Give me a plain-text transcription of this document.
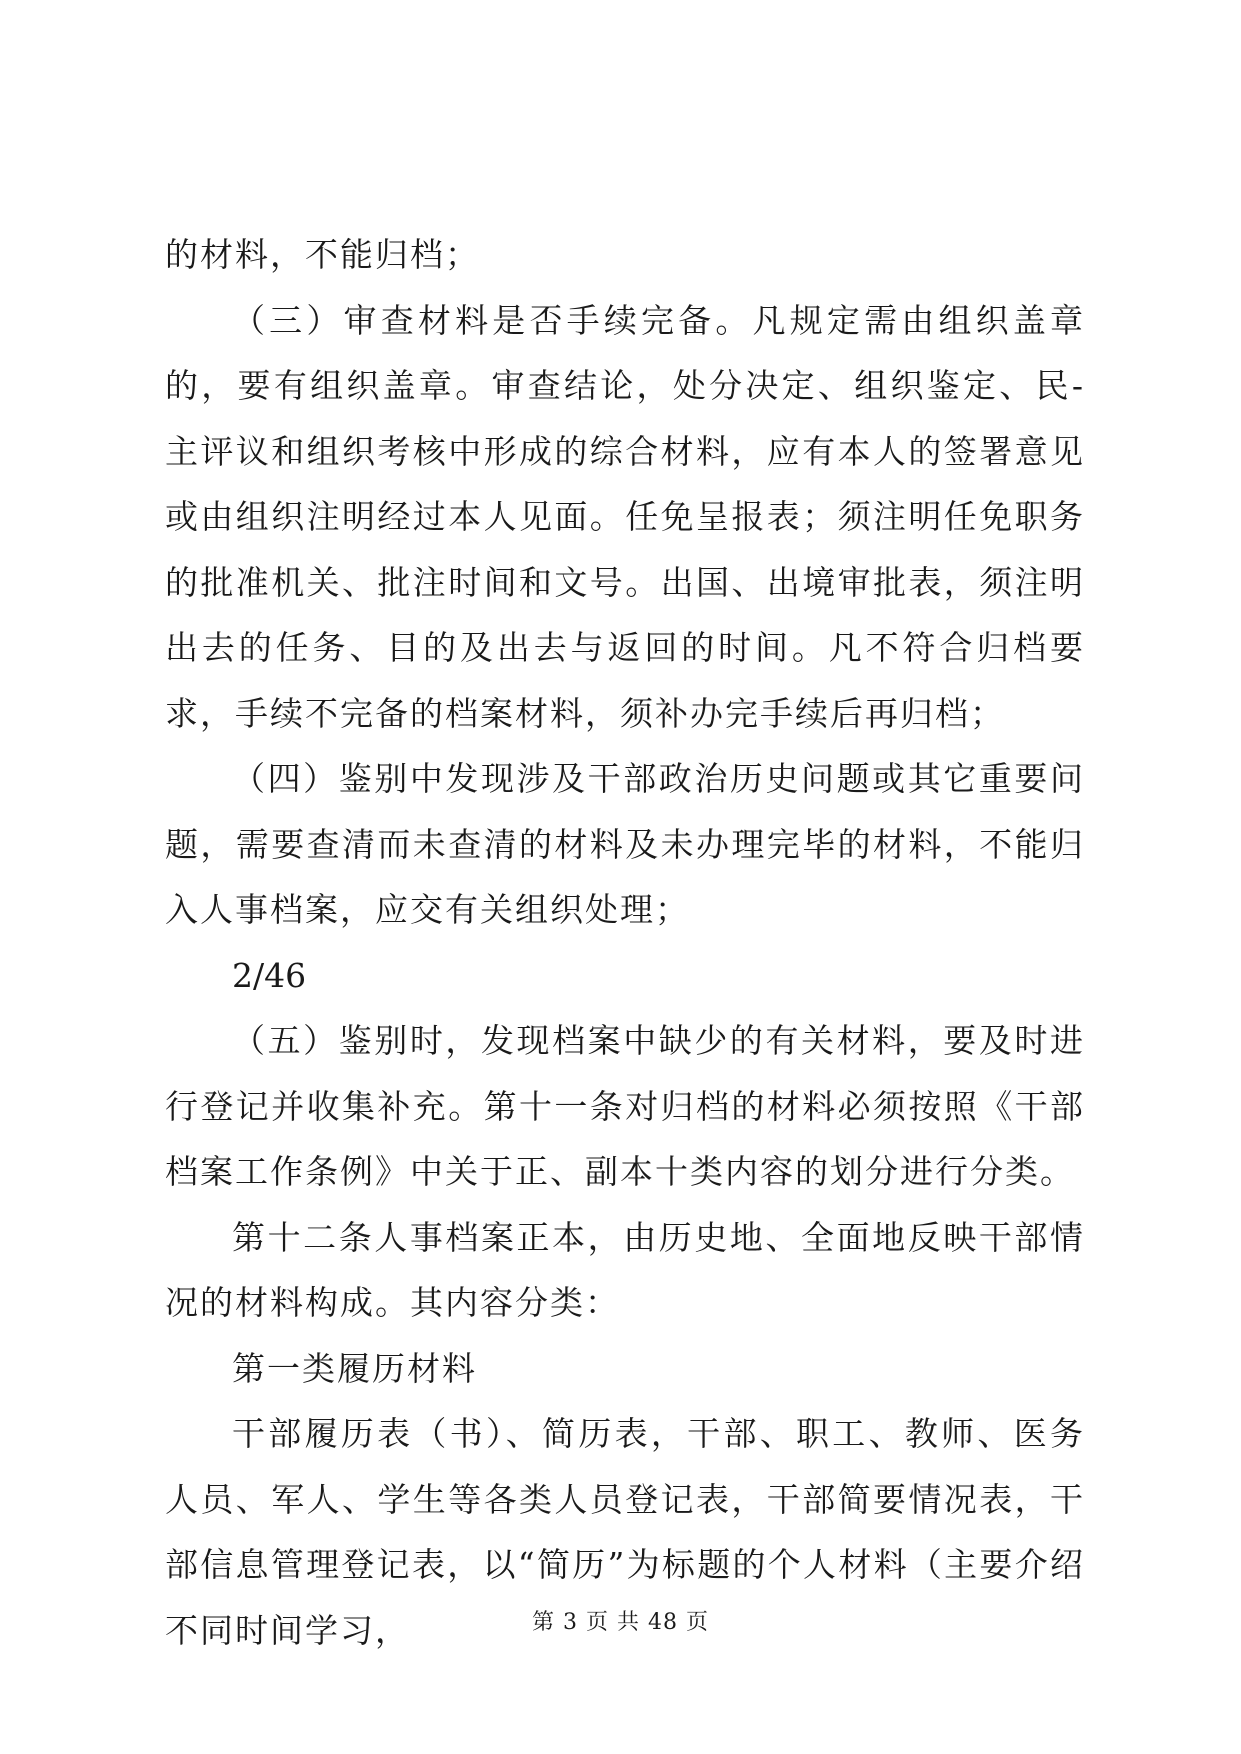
的材料，不能归档；

（三）审查材料是否手续完备。凡规定需由组织盖章的，要有组织盖章。审查结论，处分决定、组织鉴定、民-主评议和组织考核中形成的综合材料，应有本人的签署意见或由组织注明经过本人见面。任免呈报表；须注明任免职务的批准机关、批注时间和文号。出国、出境审批表，须注明出去的任务、目的及出去与返回的时间。凡不符合归档要求，手续不完备的档案材料，须补办完手续后再归档；

（四）鉴别中发现涉及干部政治历史问题或其它重要问题，需要查清而未查清的材料及未办理完毕的材料，不能归入人事档案，应交有关组织处理；

2/46

（五）鉴别时，发现档案中缺少的有关材料，要及时进行登记并收集补充。第十一条对归档的材料必须按照《干部档案工作条例》中关于正、副本十类内容的划分进行分类。

第十二条人事档案正本，由历史地、全面地反映干部情况的材料构成。其内容分类：

第一类履历材料

干部履历表（书）、简历表，干部、职工、教师、医务人员、军人、学生等各类人员登记表，干部简要情况表，干部信息管理登记表，以“简历”为标题的个人材料（主要介绍不同时间学习，	第 3 页 共 48 页
